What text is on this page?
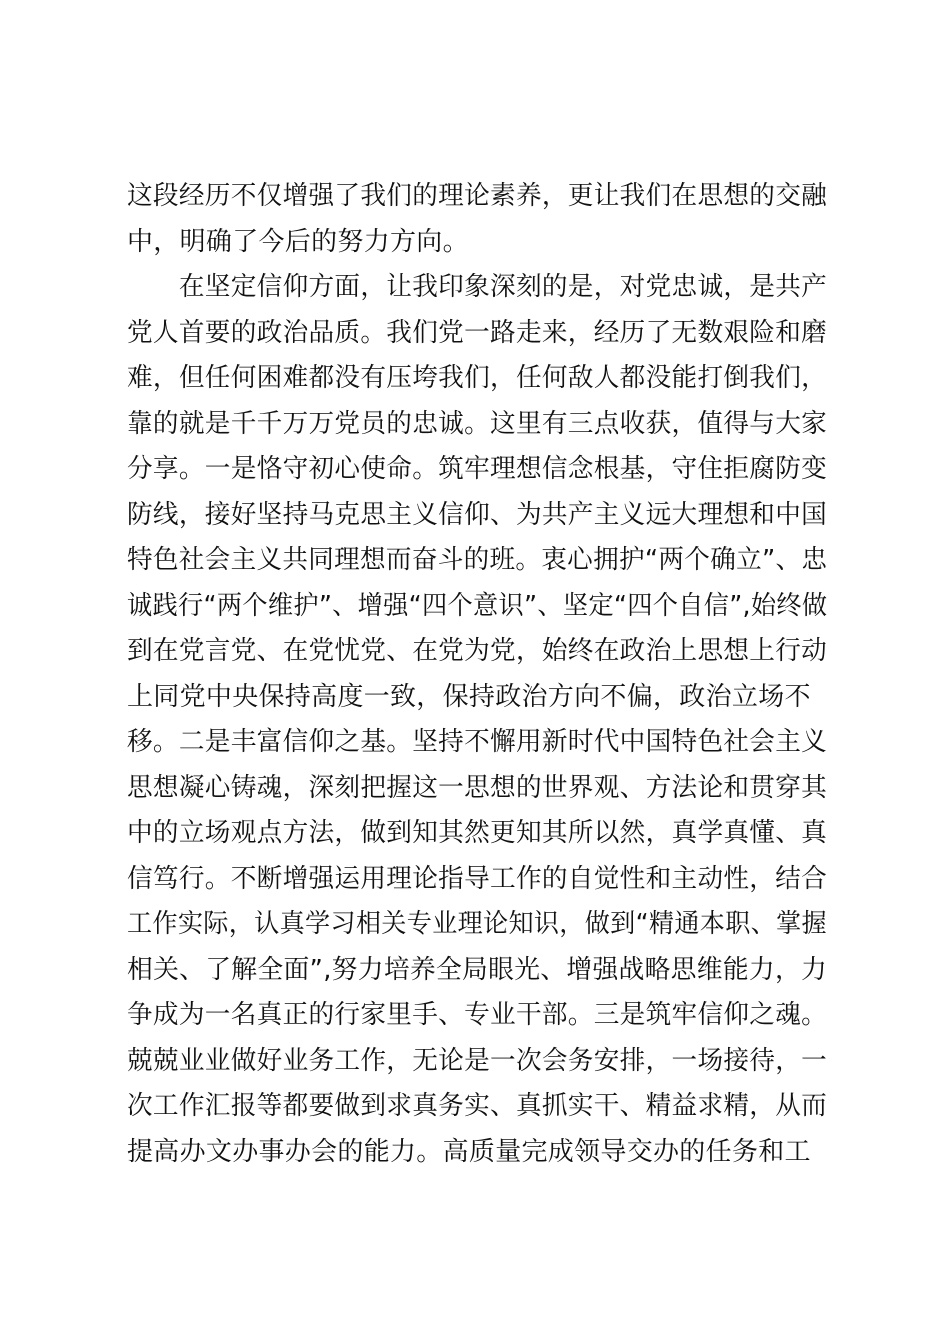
这段经历不仅增强了我们的理论素养，更让我们在思想的交融
中，明确了今后的努力方向。
　　在坚定信仰方面，让我印象深刻的是，对党忠诚，是共产
党人首要的政治品质。我们党一路走来，经历了无数艰险和磨
难，但任何困难都没有压垮我们，任何敌人都没能打倒我们，
靠的就是千千万万党员的忠诚。这里有三点收获，值得与大家
分享。一是恪守初心使命。筑牢理想信念根基，守住拒腐防变
防线，接好坚持马克思主义信仰、为共产主义远大理想和中国
特色社会主义共同理想而奋斗的班。衷心拥护“两个确立”、忠
诚践行“两个维护”、增强“四个意识”、坚定“四个自信”,始终做
到在党言党、在党忧党、在党为党，始终在政治上思想上行动
上同党中央保持高度一致，保持政治方向不偏，政治立场不
移。二是丰富信仰之基。坚持不懈用新时代中国特色社会主义
思想凝心铸魂，深刻把握这一思想的世界观、方法论和贯穿其
中的立场观点方法，做到知其然更知其所以然，真学真懂、真
信笃行。不断增强运用理论指导工作的自觉性和主动性，结合
工作实际，认真学习相关专业理论知识，做到“精通本职、掌握
相关、了解全面”,努力培养全局眼光、增强战略思维能力，力
争成为一名真正的行家里手、专业干部。三是筑牢信仰之魂。
兢兢业业做好业务工作，无论是一次会务安排，一场接待，一
次工作汇报等都要做到求真务实、真抓实干、精益求精，从而
提高办文办事办会的能力。高质量完成领导交办的任务和工
